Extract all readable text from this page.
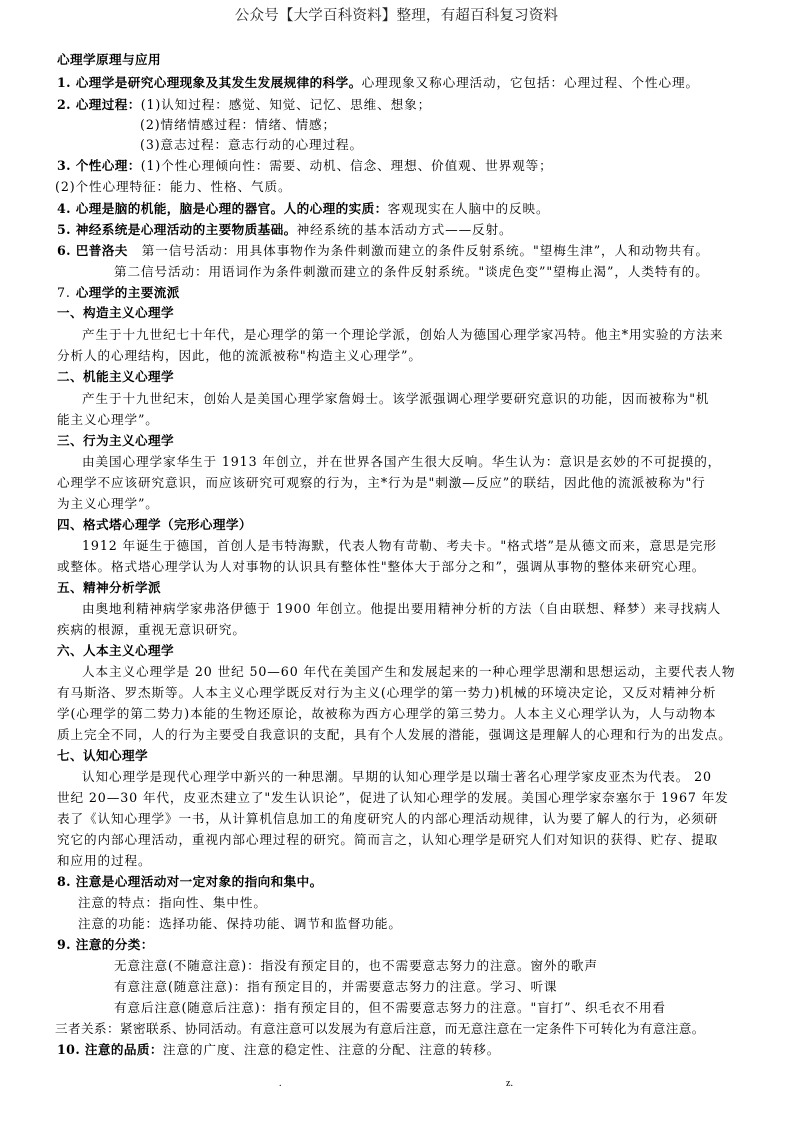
公众号【大学百科资料】整理，有超百科复习资料
心理学原理与应用
1. 心理学是研究心理现象及其发生发展规律的科学。心理现象又称心理活动，它包括：心理过程、个性心理。
2. 心理过程：(1)认知过程：感觉、知觉、记忆、思维、想象；
(2)情绪情感过程：情绪、情感；
(3)意志过程：意志行动的心理过程。
3. 个性心理：(1)个性心理倾向性：需要、动机、信念、理想、价值观、世界观等；
(2)个性心理特征：能力、性格、气质。
4. 心理是脑的机能，脑是心理的器官。人的心理的实质：客观现实在人脑中的反映。
5. 神经系统是心理活动的主要物质基础。神经系统的基本活动方式——反射。
6. 巴普洛夫 第一信号活动：用具体事物作为条件刺激而建立的条件反射系统。"望梅生津”，人和动物共有。
第二信号活动：用语词作为条件刺激而建立的条件反射系统。"谈虎色变”"望梅止渴”，人类特有的。
7. 心理学的主要流派
一、构造主义心理学
产生于十九世纪七十年代，是心理学的第一个理论学派，创始人为德国心理学家冯特。他主*用实验的方法来
分析人的心理结构，因此，他的流派被称"构造主义心理学”。
二、机能主义心理学
产生于十九世纪末，创始人是美国心理学家詹姆士。该学派强调心理学要研究意识的功能，因而被称为"机
能主义心理学”。
三、行为主义心理学
由美国心理学家华生于 1913 年创立，并在世界各国产生很大反响。华生认为：意识是玄妙的不可捉摸的，
心理学不应该研究意识，而应该研究可观察的行为，主*行为是"刺激—反应”的联结，因此他的流派被称为"行
为主义心理学”。
四、格式塔心理学（完形心理学）
1912 年诞生于德国，首创人是韦特海默，代表人物有苛勒、考夫卡。"格式塔”是从德文而来，意思是完形
或整体。格式塔心理学认为人对事物的认识具有整体性"整体大于部分之和”，强调从事物的整体来研究心理。
五、精神分析学派
由奥地利精神病学家弗洛伊德于 1900 年创立。他提出要用精神分析的方法（自由联想、释梦）来寻找病人
疾病的根源，重视无意识研究。
六、人本主义心理学
人本主义心理学是 20 世纪 50—60 年代在美国产生和发展起来的一种心理学思潮和思想运动，主要代表人物
有马斯洛、罗杰斯等。人本主义心理学既反对行为主义(心理学的第一势力)机械的环境决定论，又反对精神分析
学(心理学的第二势力)本能的生物还原论，故被称为西方心理学的第三势力。人本主义心理学认为，人与动物本
质上完全不同，人的行为主要受自我意识的支配，具有个人发展的潜能，强调这是理解人的心理和行为的出发点。
七、认知心理学
认知心理学是现代心理学中新兴的一种思潮。早期的认知心理学是以瑞士著名心理学家皮亚杰为代表。 20
世纪 20—30 年代，皮亚杰建立了"发生认识论”，促进了认知心理学的发展。美国心理学家奈塞尔于 1967 年发
表了《认知心理学》一书，从计算机信息加工的角度研究人的内部心理活动规律，认为要了解人的行为，必须研
究它的内部心理活动，重视内部心理过程的研究。简而言之，认知心理学是研究人们对知识的获得、贮存、提取
和应用的过程。
8. 注意是心理活动对一定对象的指向和集中。
注意的特点：指向性、集中性。
注意的功能：选择功能、保持功能、调节和监督功能。
9. 注意的分类：
无意注意(不随意注意)：指没有预定目的，也不需要意志努力的注意。窗外的歌声
有意注意(随意注意)：指有预定目的，并需要意志努力的注意。学习、听课
有意后注意(随意后注意)：指有预定目的，但不需要意志努力的注意。"盲打”、织毛衣不用看
三者关系：紧密联系、协同活动。有意注意可以发展为有意后注意，而无意注意在一定条件下可转化为有意注意。
10. 注意的品质：注意的广度、注意的稳定性、注意的分配、注意的转移。
.	z.
